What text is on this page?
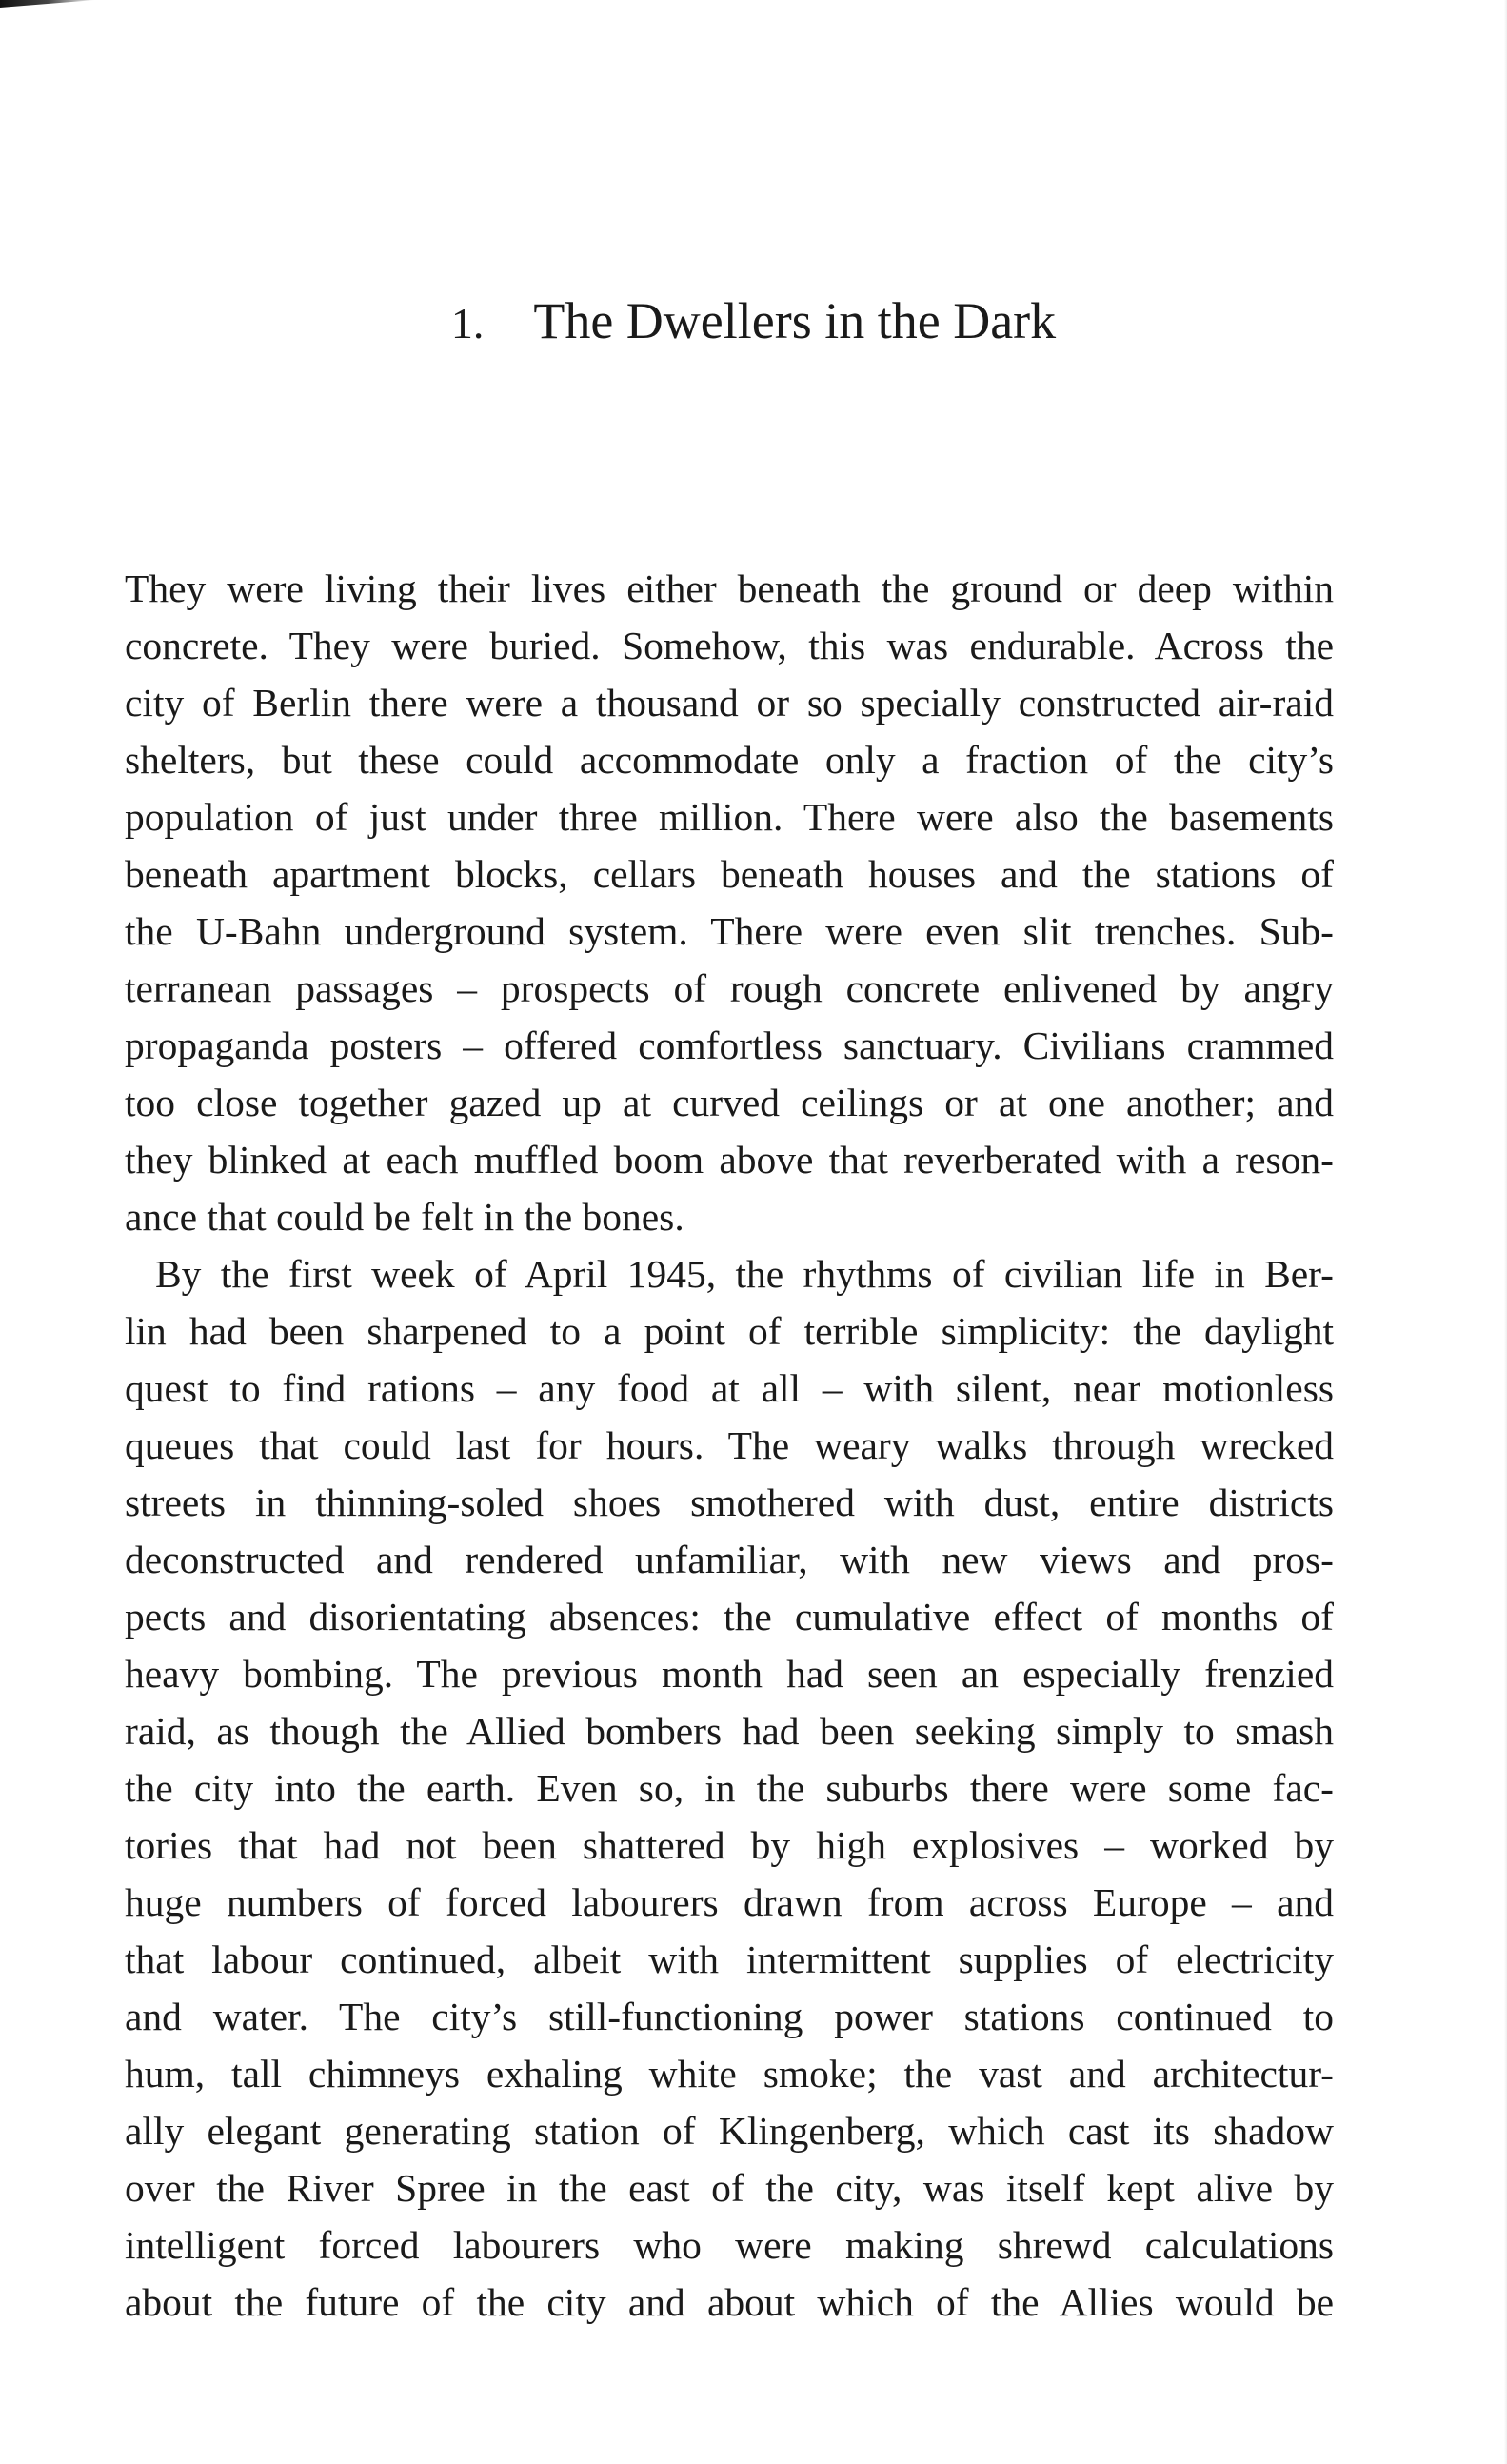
1. The Dwellers in the Dark

They were living their lives either beneath the ground or deep within
concrete. They were buried. Somehow, this was endurable. Across the
city of Berlin there were a thousand or so specially constructed air-raid
shelters, but these could accommodate only a fraction of the city’s
population of just under three million. There were also the basements
beneath apartment blocks, cellars beneath houses and the stations of
the U-Bahn underground system. There were even slit trenches. Sub-
terranean passages – prospects of rough concrete enlivened by angry
propaganda posters – offered comfortless sanctuary. Civilians crammed
too close together gazed up at curved ceilings or at one another; and
they blinked at each muffled boom above that reverberated with a reson-
ance that could be felt in the bones.

By the first week of April 1945, the rhythms of civilian life in Ber-
lin had been sharpened to a point of terrible simplicity: the daylight
quest to find rations – any food at all – with silent, near motionless
queues that could last for hours. The weary walks through wrecked
streets in thinning-soled shoes smothered with dust, entire districts
deconstructed and rendered unfamiliar, with new views and pros-
pects and disorientating absences: the cumulative effect of months of
heavy bombing. The previous month had seen an especially frenzied
raid, as though the Allied bombers had been seeking simply to smash
the city into the earth. Even so, in the suburbs there were some fac-
tories that had not been shattered by high explosives – worked by
huge numbers of forced labourers drawn from across Europe – and
that labour continued, albeit with intermittent supplies of electricity
and water. The city’s still-functioning power stations continued to
hum, tall chimneys exhaling white smoke; the vast and architectur-
ally elegant generating station of Klingenberg, which cast its shadow
over the River Spree in the east of the city, was itself kept alive by
intelligent forced labourers who were making shrewd calculations
about the future of the city and about which of the Allies would be
